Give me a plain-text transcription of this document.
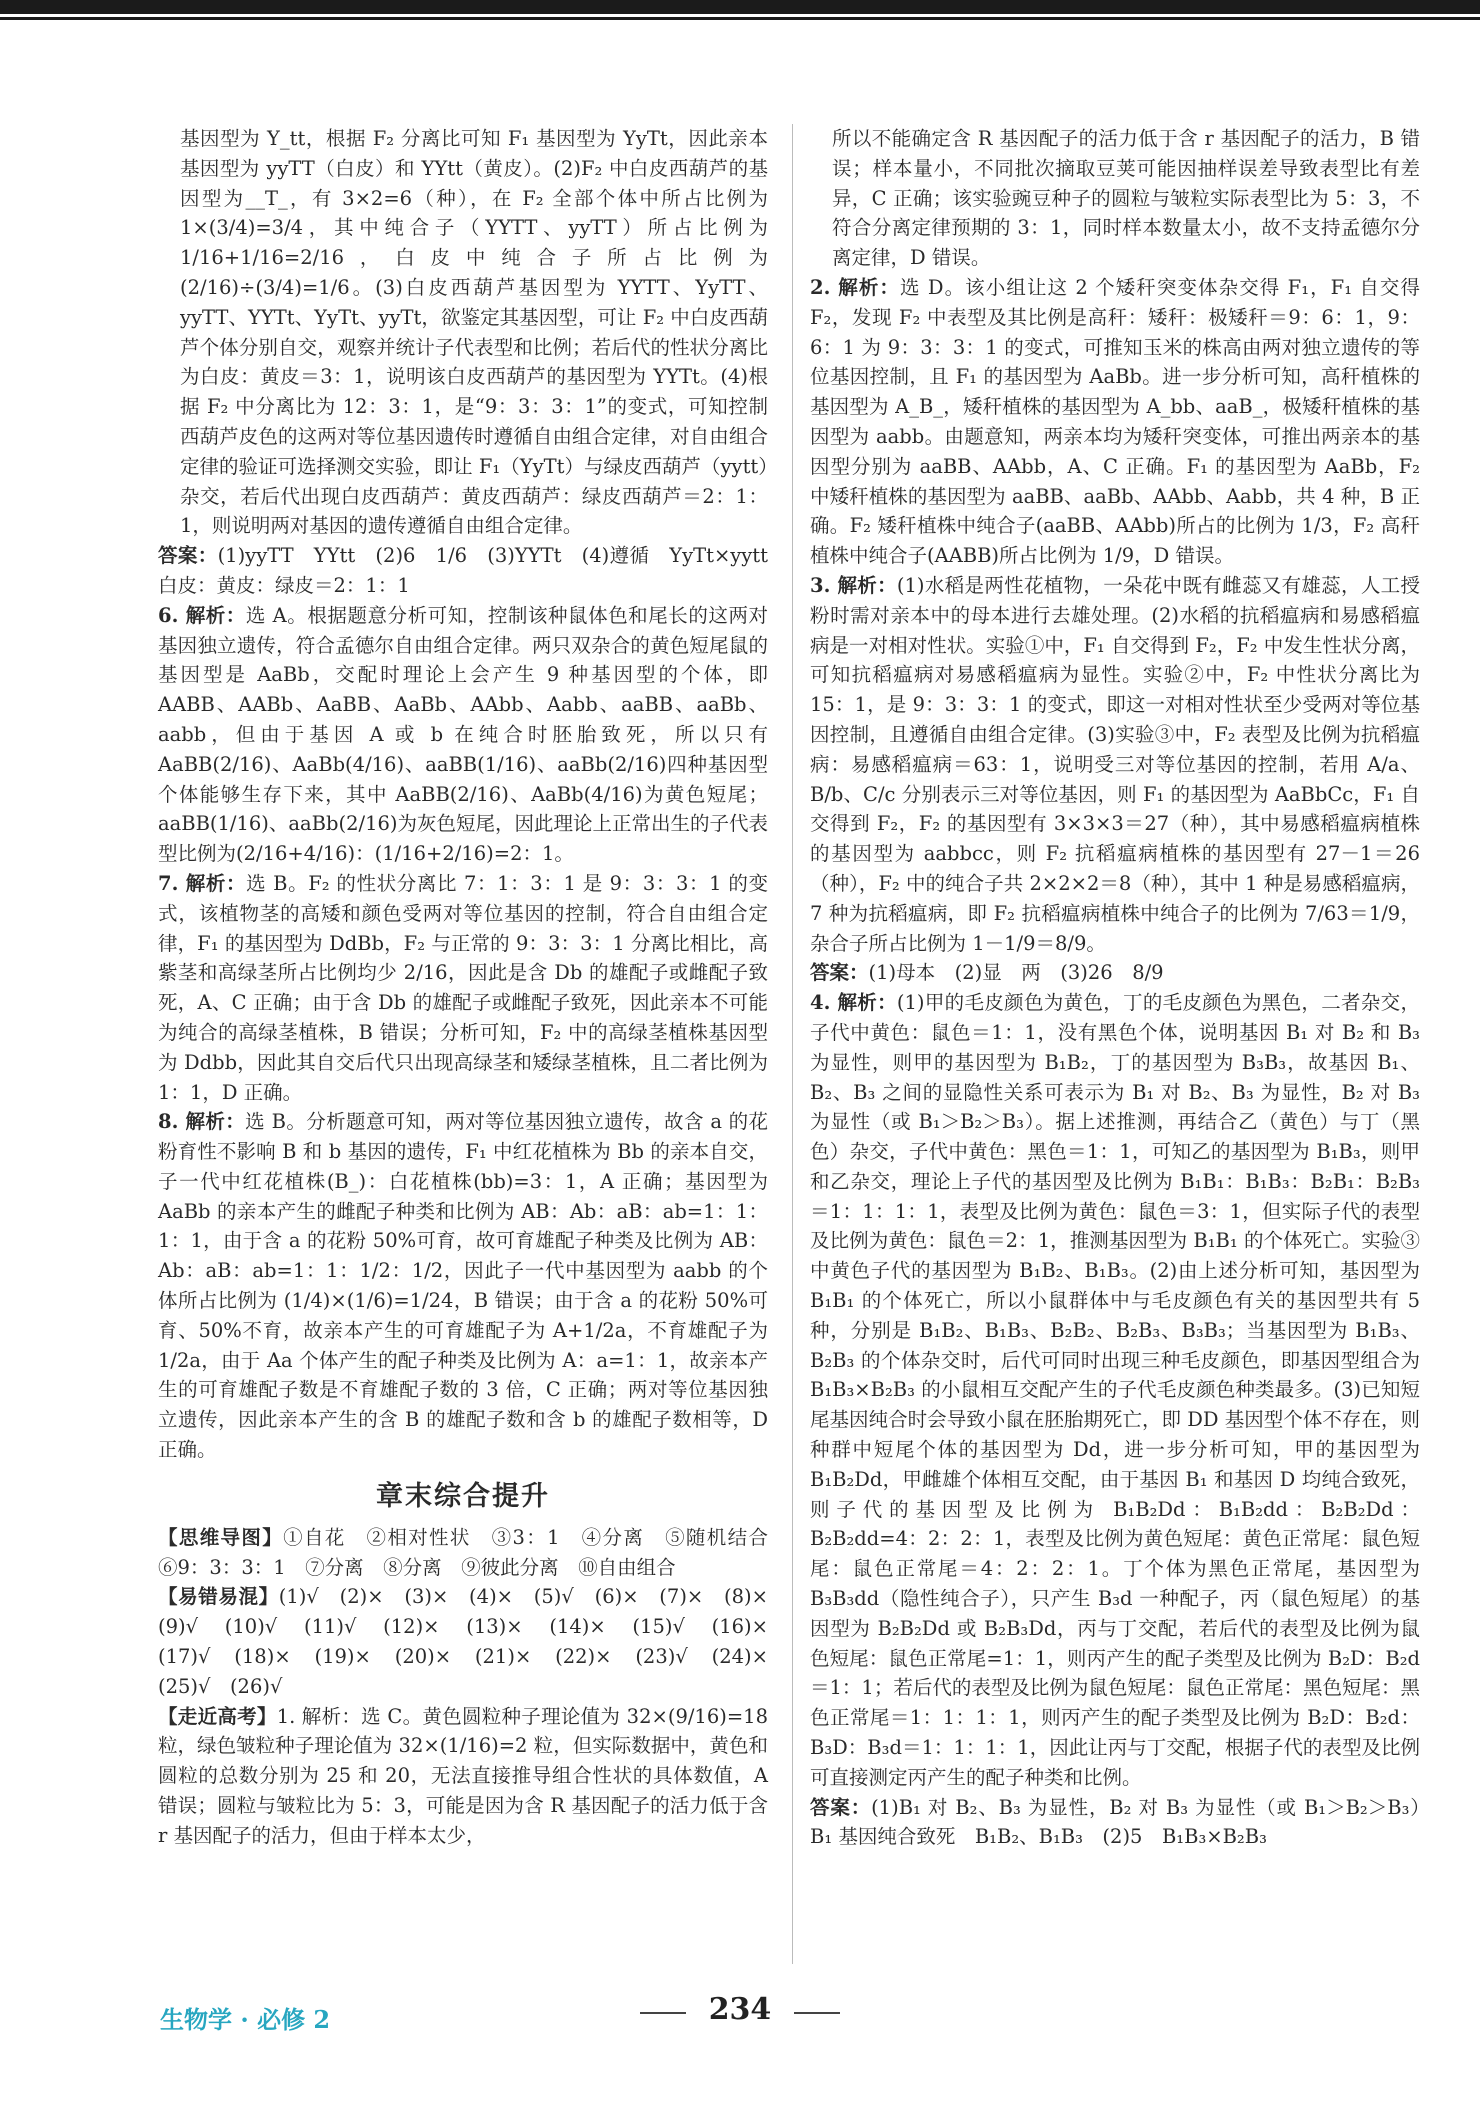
基因型为 Y_tt，根据 F₂ 分离比可知 F₁ 基因型为 YyTt，因此亲本基因型为 yyTT（白皮）和 YYtt（黄皮）。(2)F₂ 中白皮西葫芦的基因型为__T_，有 3×2=6（种），在 F₂ 全部个体中所占比例为 1×(3/4)=3/4，其中纯合子（YYTT、yyTT）所占比例为 1/16+1/16=2/16，白皮中纯合子所占比例为 (2/16)÷(3/4)=1/6。(3)白皮西葫芦基因型为 YYTT、YyTT、yyTT、YYTt、YyTt、yyTt，欲鉴定其基因型，可让 F₂ 中白皮西葫芦个体分别自交，观察并统计子代表型和比例；若后代的性状分离比为白皮：黄皮＝3：1，说明该白皮西葫芦的基因型为 YYTt。(4)根据 F₂ 中分离比为 12：3：1，是“9：3：3：1”的变式，可知控制西葫芦皮色的这两对等位基因遗传时遵循自由组合定律，对自由组合定律的验证可选择测交实验，即让 F₁（YyTt）与绿皮西葫芦（yytt）杂交，若后代出现白皮西葫芦：黄皮西葫芦：绿皮西葫芦＝2：1：1，则说明两对基因的遗传遵循自由组合定律。
答案：(1)yyTT　YYtt　(2)6　1/6　(3)YYTt　(4)遵循　YyTt×yytt　白皮：黄皮：绿皮＝2：1：1
6. 解析：选 A。根据题意分析可知，控制该种鼠体色和尾长的这两对基因独立遗传，符合孟德尔自由组合定律。两只双杂合的黄色短尾鼠的基因型是 AaBb，交配时理论上会产生 9 种基因型的个体，即 AABB、AABb、AaBB、AaBb、AAbb、Aabb、aaBB、aaBb、aabb，但由于基因 A 或 b 在纯合时胚胎致死，所以只有 AaBB(2/16)、AaBb(4/16)、aaBB(1/16)、aaBb(2/16)四种基因型个体能够生存下来，其中 AaBB(2/16)、AaBb(4/16)为黄色短尾；aaBB(1/16)、aaBb(2/16)为灰色短尾，因此理论上正常出生的子代表型比例为(2/16+4/16)：(1/16+2/16)=2：1。
7. 解析：选 B。F₂ 的性状分离比 7：1：3：1 是 9：3：3：1 的变式，该植物茎的高矮和颜色受两对等位基因的控制，符合自由组合定律，F₁ 的基因型为 DdBb，F₂ 与正常的 9：3：3：1 分离比相比，高紫茎和高绿茎所占比例均少 2/16，因此是含 Db 的雄配子或雌配子致死，A、C 正确；由于含 Db 的雄配子或雌配子致死，因此亲本不可能为纯合的高绿茎植株，B 错误；分析可知，F₂ 中的高绿茎植株基因型为 Ddbb，因此其自交后代只出现高绿茎和矮绿茎植株，且二者比例为 1：1，D 正确。
8. 解析：选 B。分析题意可知，两对等位基因独立遗传，故含 a 的花粉育性不影响 B 和 b 基因的遗传，F₁ 中红花植株为 Bb 的亲本自交，子一代中红花植株(B_)：白花植株(bb)=3：1，A 正确；基因型为 AaBb 的亲本产生的雌配子种类和比例为 AB：Ab：aB：ab=1：1：1：1，由于含 a 的花粉 50%可育，故可育雄配子种类及比例为 AB：Ab：aB：ab=1：1：1/2：1/2，因此子一代中基因型为 aabb 的个体所占比例为 (1/4)×(1/6)=1/24，B 错误；由于含 a 的花粉 50%可育、50%不育，故亲本产生的可育雄配子为 A+1/2a，不育雄配子为 1/2a，由于 Aa 个体产生的配子种类及比例为 A：a=1：1，故亲本产生的可育雄配子数是不育雄配子数的 3 倍，C 正确；两对等位基因独立遗传，因此亲本产生的含 B 的雄配子数和含 b 的雄配子数相等，D 正确。
章末综合提升
【思维导图】①自花　②相对性状　③3：1　④分离　⑤随机结合　⑥9：3：3：1　⑦分离　⑧分离　⑨彼此分离　⑩自由组合
【易错易混】(1)√　(2)×　(3)×　(4)×　(5)√　(6)×　(7)×　(8)×　(9)√　(10)√　(11)√　(12)×　(13)×　(14)×　(15)√　(16)×　(17)√　(18)×　(19)×　(20)×　(21)×　(22)×　(23)√　(24)×　(25)√　(26)√
【走近高考】1. 解析：选 C。黄色圆粒种子理论值为 32×(9/16)=18 粒，绿色皱粒种子理论值为 32×(1/16)=2 粒，但实际数据中，黄色和圆粒的总数分别为 25 和 20，无法直接推导组合性状的具体数值，A 错误；圆粒与皱粒比为 5：3，可能是因为含 R 基因配子的活力低于含 r 基因配子的活力，但由于样本太少，
所以不能确定含 R 基因配子的活力低于含 r 基因配子的活力，B 错误；样本量小，不同批次摘取豆荚可能因抽样误差导致表型比有差异，C 正确；该实验豌豆种子的圆粒与皱粒实际表型比为 5：3，不符合分离定律预期的 3：1，同时样本数量太小，故不支持孟德尔分离定律，D 错误。
2. 解析：选 D。该小组让这 2 个矮秆突变体杂交得 F₁，F₁ 自交得 F₂，发现 F₂ 中表型及其比例是高秆：矮秆：极矮秆＝9：6：1，9：6：1 为 9：3：3：1 的变式，可推知玉米的株高由两对独立遗传的等位基因控制，且 F₁ 的基因型为 AaBb。进一步分析可知，高秆植株的基因型为 A_B_，矮秆植株的基因型为 A_bb、aaB_，极矮秆植株的基因型为 aabb。由题意知，两亲本均为矮秆突变体，可推出两亲本的基因型分别为 aaBB、AAbb，A、C 正确。F₁ 的基因型为 AaBb，F₂ 中矮秆植株的基因型为 aaBB、aaBb、AAbb、Aabb，共 4 种，B 正确。F₂ 矮秆植株中纯合子(aaBB、AAbb)所占的比例为 1/3，F₂ 高秆植株中纯合子(AABB)所占比例为 1/9，D 错误。
3. 解析：(1)水稻是两性花植物，一朵花中既有雌蕊又有雄蕊，人工授粉时需对亲本中的母本进行去雄处理。(2)水稻的抗稻瘟病和易感稻瘟病是一对相对性状。实验①中，F₁ 自交得到 F₂，F₂ 中发生性状分离，可知抗稻瘟病对易感稻瘟病为显性。实验②中，F₂ 中性状分离比为 15：1，是 9：3：3：1 的变式，即这一对相对性状至少受两对等位基因控制，且遵循自由组合定律。(3)实验③中，F₂ 表型及比例为抗稻瘟病：易感稻瘟病＝63：1，说明受三对等位基因的控制，若用 A/a、B/b、C/c 分别表示三对等位基因，则 F₁ 的基因型为 AaBbCc，F₁ 自交得到 F₂，F₂ 的基因型有 3×3×3＝27（种），其中易感稻瘟病植株的基因型为 aabbcc，则 F₂ 抗稻瘟病植株的基因型有 27－1＝26（种），F₂ 中的纯合子共 2×2×2＝8（种），其中 1 种是易感稻瘟病，7 种为抗稻瘟病，即 F₂ 抗稻瘟病植株中纯合子的比例为 7/63＝1/9，杂合子所占比例为 1－1/9＝8/9。
答案：(1)母本　(2)显　两　(3)26　8/9
4. 解析：(1)甲的毛皮颜色为黄色，丁的毛皮颜色为黑色，二者杂交，子代中黄色：鼠色＝1：1，没有黑色个体，说明基因 B₁ 对 B₂ 和 B₃ 为显性，则甲的基因型为 B₁B₂，丁的基因型为 B₃B₃，故基因 B₁、B₂、B₃ 之间的显隐性关系可表示为 B₁ 对 B₂、B₃ 为显性，B₂ 对 B₃ 为显性（或 B₁＞B₂＞B₃）。据上述推测，再结合乙（黄色）与丁（黑色）杂交，子代中黄色：黑色＝1：1，可知乙的基因型为 B₁B₃，则甲和乙杂交，理论上子代的基因型及比例为 B₁B₁：B₁B₃：B₂B₁：B₂B₃＝1：1：1：1，表型及比例为黄色：鼠色＝3：1，但实际子代的表型及比例为黄色：鼠色＝2：1，推测基因型为 B₁B₁ 的个体死亡。实验③中黄色子代的基因型为 B₁B₂、B₁B₃。(2)由上述分析可知，基因型为 B₁B₁ 的个体死亡，所以小鼠群体中与毛皮颜色有关的基因型共有 5 种，分别是 B₁B₂、B₁B₃、B₂B₂、B₂B₃、B₃B₃；当基因型为 B₁B₃、B₂B₃ 的个体杂交时，后代可同时出现三种毛皮颜色，即基因型组合为 B₁B₃×B₂B₃ 的小鼠相互交配产生的子代毛皮颜色种类最多。(3)已知短尾基因纯合时会导致小鼠在胚胎期死亡，即 DD 基因型个体不存在，则种群中短尾个体的基因型为 Dd，进一步分析可知，甲的基因型为 B₁B₂Dd，甲雌雄个体相互交配，由于基因 B₁ 和基因 D 均纯合致死，则子代的基因型及比例为 B₁B₂Dd：B₁B₂dd：B₂B₂Dd：B₂B₂dd=4：2：2：1，表型及比例为黄色短尾：黄色正常尾：鼠色短尾：鼠色正常尾＝4：2：2：1。丁个体为黑色正常尾，基因型为 B₃B₃dd（隐性纯合子），只产生 B₃d 一种配子，丙（鼠色短尾）的基因型为 B₂B₂Dd 或 B₂B₃Dd，丙与丁交配，若后代的表型及比例为鼠色短尾：鼠色正常尾=1：1，则丙产生的配子类型及比例为 B₂D：B₂d＝1：1；若后代的表型及比例为鼠色短尾：鼠色正常尾：黑色短尾：黑色正常尾＝1：1：1：1，则丙产生的配子类型及比例为 B₂D：B₂d：B₃D：B₃d＝1：1：1：1，因此让丙与丁交配，根据子代的表型及比例可直接测定丙产生的配子种类和比例。
答案：(1)B₁ 对 B₂、B₃ 为显性，B₂ 对 B₃ 为显性（或 B₁＞B₂＞B₃）　B₁ 基因纯合致死　B₁B₂、B₁B₃　(2)5　B₁B₃×B₂B₃
生物学 · 必修 2	234
